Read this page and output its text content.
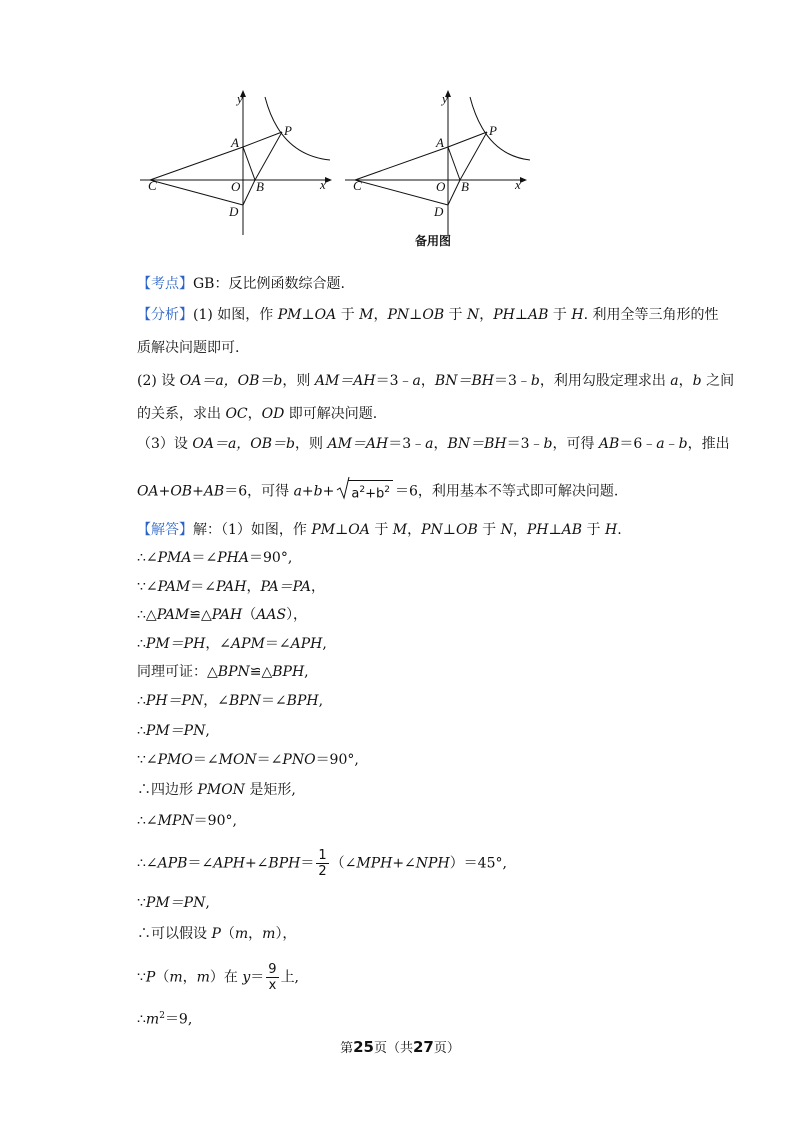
y
x
A
P
C	O B
D
y
x
A
P
C	O B
D
备用图
【考点】GB：反比例函数综合题.
【分析】(1) 如图，作 PM⊥OA 于 M，PN⊥OB 于 N，PH⊥AB 于 H. 利用全等三角形的性
质解决问题即可.
(2) 设 OA＝a，OB＝b，则 AM＝AH＝3﹣a，BN＝BH＝3﹣b，利用勾股定理求出 a，b 之间
的关系，求出 OC，OD 即可解决问题.
（3）设 OA＝a，OB＝b，则 AM＝AH＝3﹣a，BN＝BH＝3﹣b，可得 AB＝6﹣a﹣b，推出
OA+OB+AB＝6，可得 $a+b+ a^2+b^2 =6$，利用基本不等式即可解决问题.
【解答】解：（1）如图，作 PM⊥OA 于 M，PN⊥OB 于 N，PH⊥AB 于 H.
∴∠PMA＝∠PHA＝90°,
∵∠PAM＝∠PAH，PA＝PA，
∴△PAM≌△PAH（AAS），
∴PM＝PH，∠APM＝∠APH,
同理可证：△BPN≌△BPH,
∴PH＝PN，∠BPN＝∠BPH,
∴PM＝PN,
∵∠PMO＝∠MON＝∠PNO＝90°,
∴四边形 PMON 是矩形,
∴∠MPN＝90°,
∴∠APB＝∠APH+∠BPH＝ $\frac{1}{2}$ （∠MPH+∠NPH）＝45°,
∵PM＝PN,
∴可以假设 P（m，m），
∵P（m，m）在 $y= \frac{9}{x}$ 上,
$\therefore m^2=9$,
第25页（共27页）
